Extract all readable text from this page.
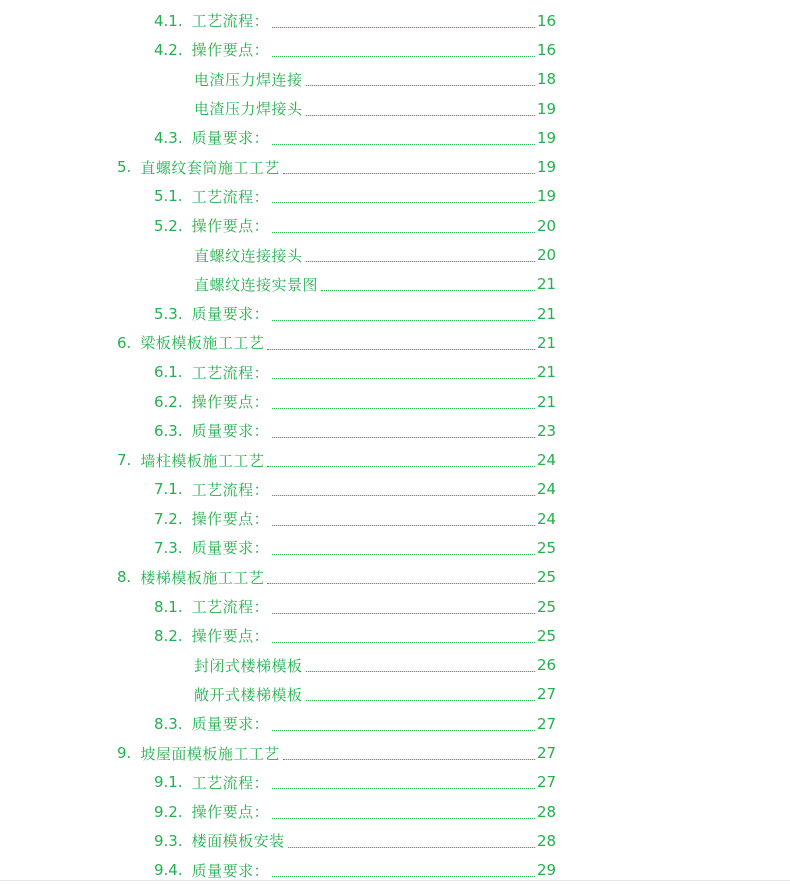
4.1. 工艺流程：	16
4.2. 操作要点：	16
电渣压力焊连接	18
电渣压力焊接头	19
4.3. 质量要求：	19
5. 直螺纹套筒施工工艺	19
5.1. 工艺流程：	19
5.2. 操作要点：	20
直螺纹连接接头	20
直螺纹连接实景图	21
5.3. 质量要求：	21
6. 梁板模板施工工艺	21
6.1. 工艺流程：	21
6.2. 操作要点：	21
6.3. 质量要求：	23
7. 墙柱模板施工工艺	24
7.1. 工艺流程：	24
7.2. 操作要点：	24
7.3. 质量要求：	25
8. 楼梯模板施工工艺	25
8.1. 工艺流程：	25
8.2. 操作要点：	25
封闭式楼梯模板	26
敞开式楼梯模板	27
8.3. 质量要求：	27
9. 坡屋面模板施工工艺	27
9.1. 工艺流程：	27
9.2. 操作要点：	28
9.3. 楼面模板安装	28
9.4. 质量要求：	29
